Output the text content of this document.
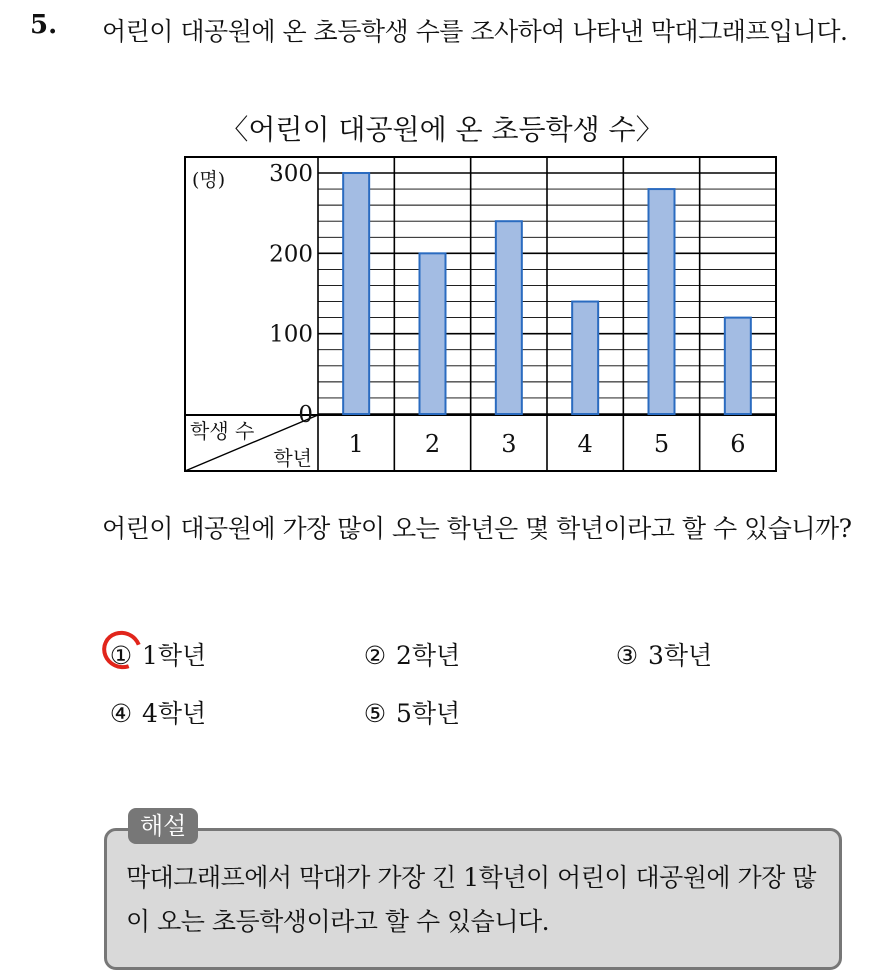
5. 어린이 대공원에 온 초등학생 수를 조사하여 나타낸 막대그래프입니다.
〈어린이 대공원에 온 초등학생 수〉
1	2	3	4	5	6
0
100
200
300
(명)
학생 수
학년
어린이 대공원에 가장 많이 오는 학년은 몇 학년이라고 할 수 있습니까?
① 1학년	② 2학년	③ 3학년
④ 4학년	⑤ 5학년
해설
막대그래프에서 막대가 가장 긴 1학년이 어린이 대공원에 가장 많이 오는 초등학생이라고 할 수 있습니다.
